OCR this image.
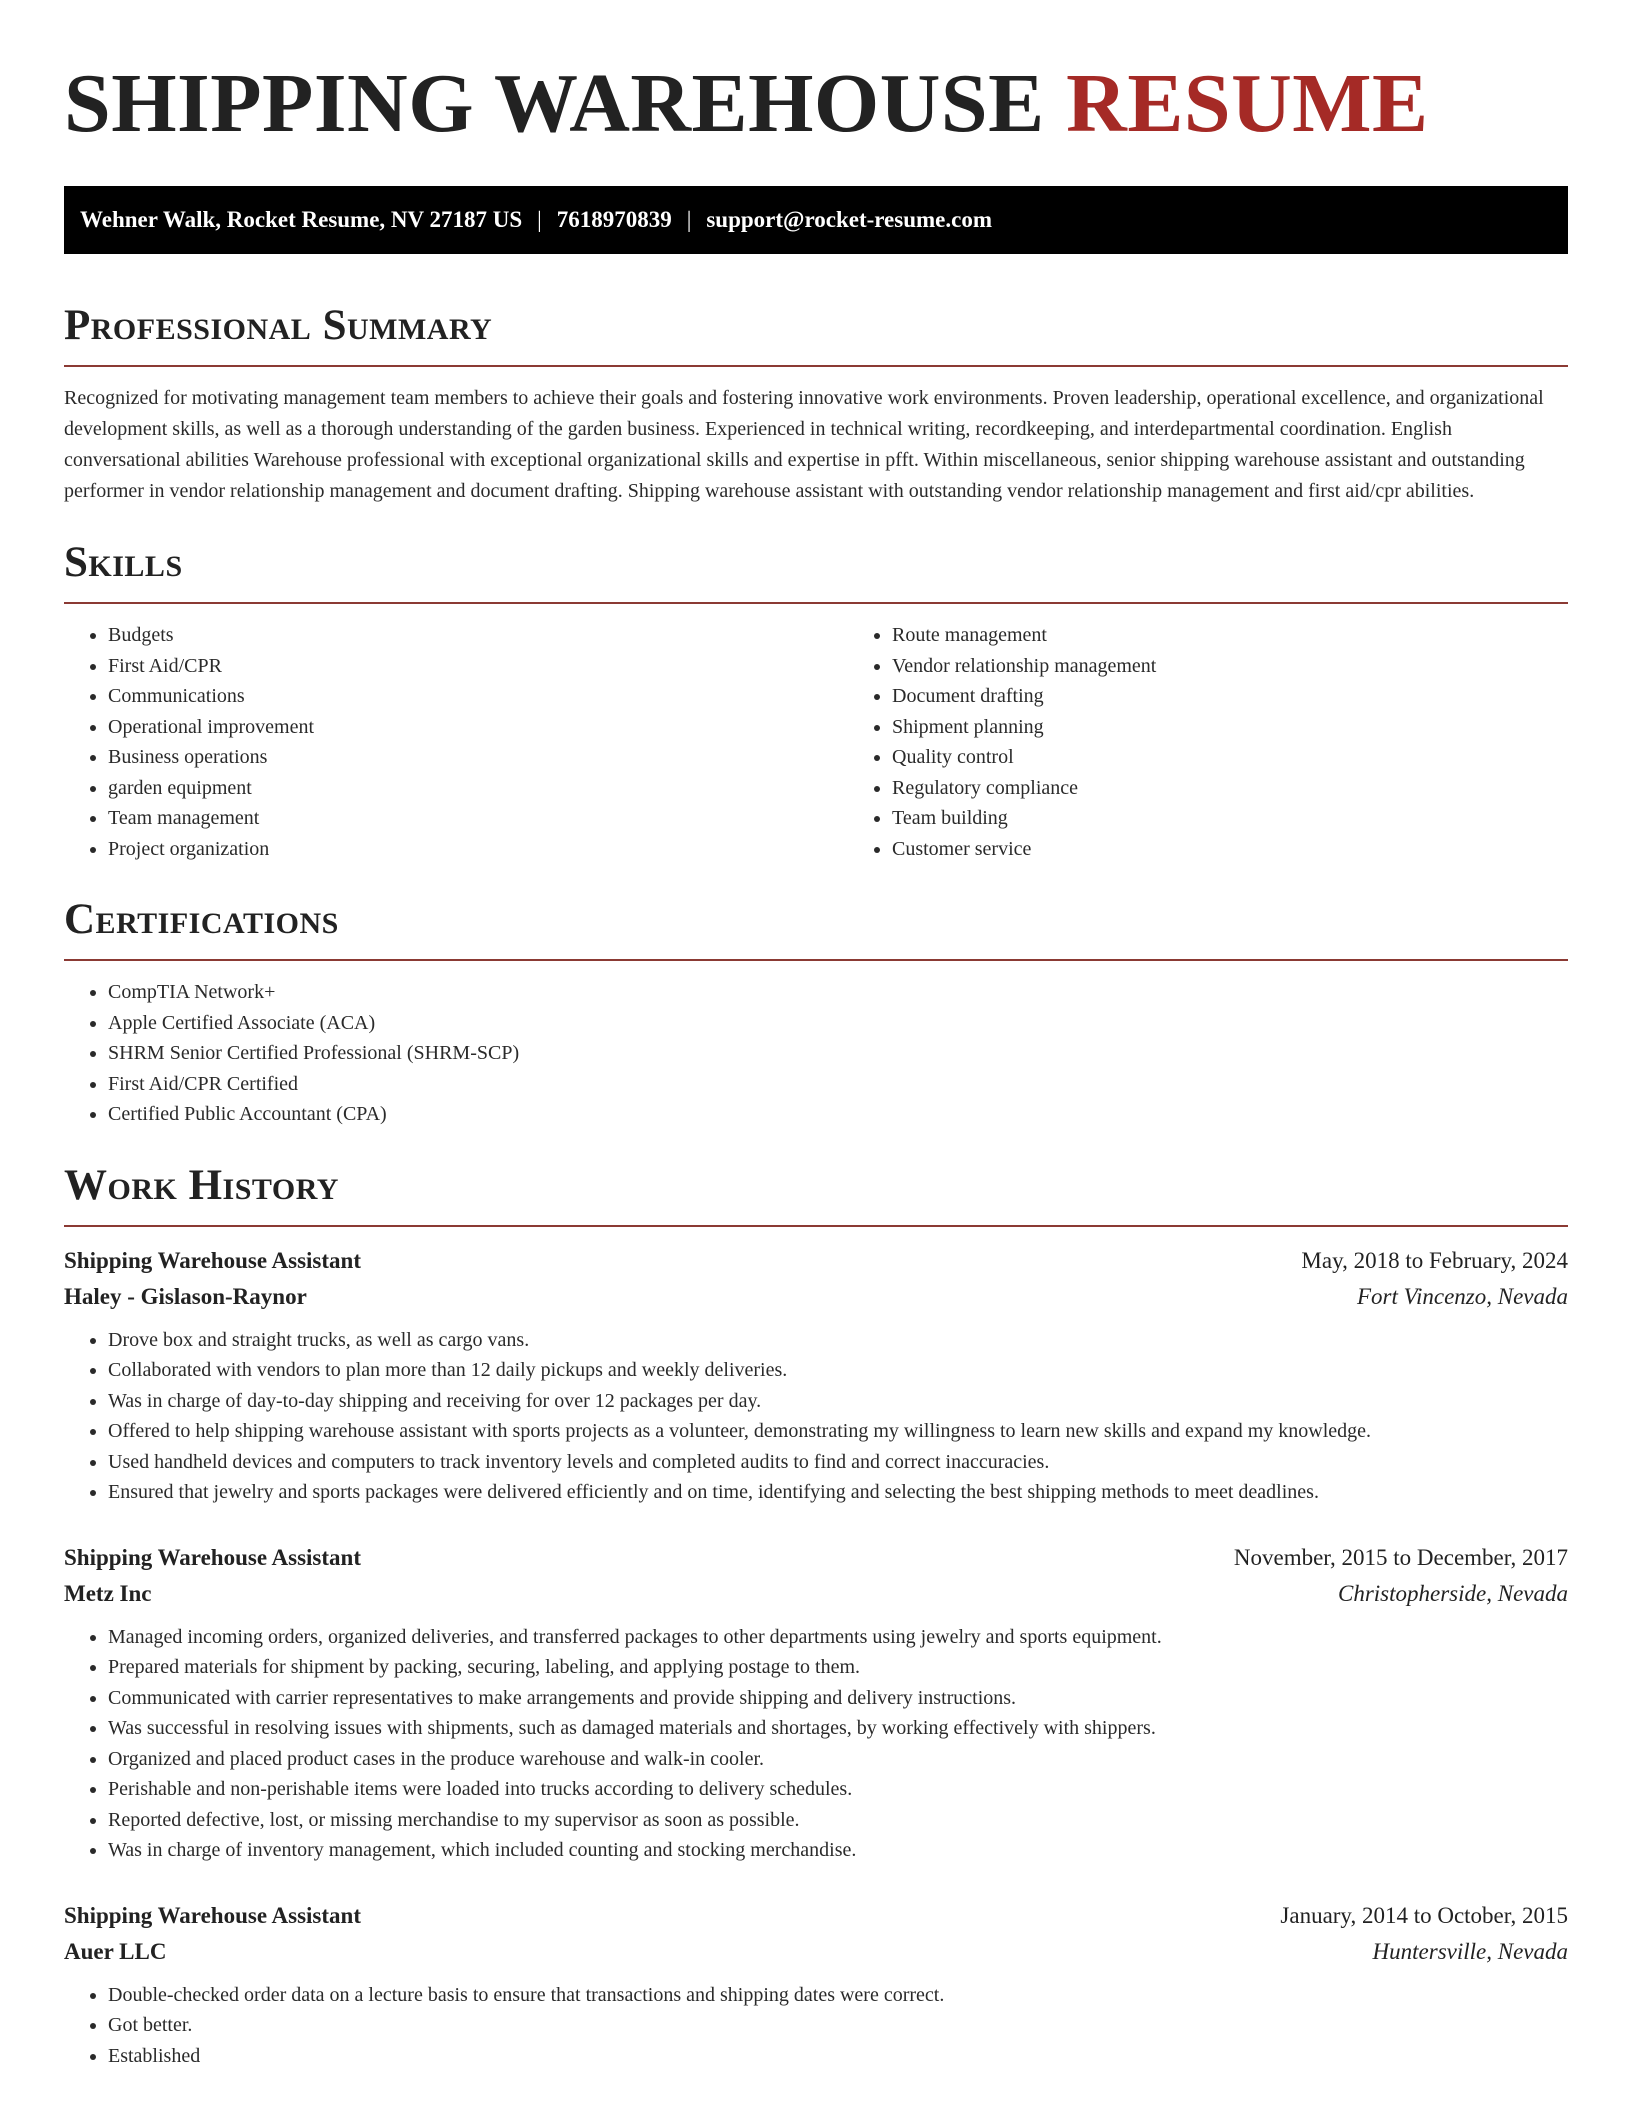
SHIPPING WAREHOUSE RESUME
Wehner Walk, Rocket Resume, NV 27187 US | 7618970839 | support@rocket-resume.com
Professional Summary

Recognized for motivating management team members to achieve their goals and fostering innovative work environments. Proven leadership, operational excellence, and organizational development skills, as well as a thorough understanding of the garden business. Experienced in technical writing, recordkeeping, and interdepartmental coordination. English conversational abilities Warehouse professional with exceptional organizational skills and expertise in pfft. Within miscellaneous, senior shipping warehouse assistant and outstanding performer in vendor relationship management and document drafting. Shipping warehouse assistant with outstanding vendor relationship management and first aid/cpr abilities.

Skills
• Budgets
• First Aid/CPR
• Communications
• Operational improvement
• Business operations
• garden equipment
• Team management
• Project organization
• Route management
• Vendor relationship management
• Document drafting
• Shipment planning
• Quality control
• Regulatory compliance
• Team building
• Customer service
Certifications
• CompTIA Network+
• Apple Certified Associate (ACA)
• SHRM Senior Certified Professional (SHRM-SCP)
• First Aid/CPR Certified
• Certified Public Accountant (CPA)
Work History
Shipping Warehouse Assistant	May, 2018 to February, 2024
Haley - Gislason-Raynor	Fort Vincenzo, Nevada
• Drove box and straight trucks, as well as cargo vans.
• Collaborated with vendors to plan more than 12 daily pickups and weekly deliveries.
• Was in charge of day-to-day shipping and receiving for over 12 packages per day.
• Offered to help shipping warehouse assistant with sports projects as a volunteer, demonstrating my willingness to learn new skills and expand my knowledge.
• Used handheld devices and computers to track inventory levels and completed audits to find and correct inaccuracies.
• Ensured that jewelry and sports packages were delivered efficiently and on time, identifying and selecting the best shipping methods to meet deadlines.
Shipping Warehouse Assistant	November, 2015 to December, 2017
Metz Inc	Christopherside, Nevada
• Managed incoming orders, organized deliveries, and transferred packages to other departments using jewelry and sports equipment.
• Prepared materials for shipment by packing, securing, labeling, and applying postage to them.
• Communicated with carrier representatives to make arrangements and provide shipping and delivery instructions.
• Was successful in resolving issues with shipments, such as damaged materials and shortages, by working effectively with shippers.
• Organized and placed product cases in the produce warehouse and walk-in cooler.
• Perishable and non-perishable items were loaded into trucks according to delivery schedules.
• Reported defective, lost, or missing merchandise to my supervisor as soon as possible.
• Was in charge of inventory management, which included counting and stocking merchandise.
Shipping Warehouse Assistant	January, 2014 to October, 2015
Auer LLC	Huntersville, Nevada
• Double-checked order data on a lecture basis to ensure that transactions and shipping dates were correct.
• Got better.
• Established
